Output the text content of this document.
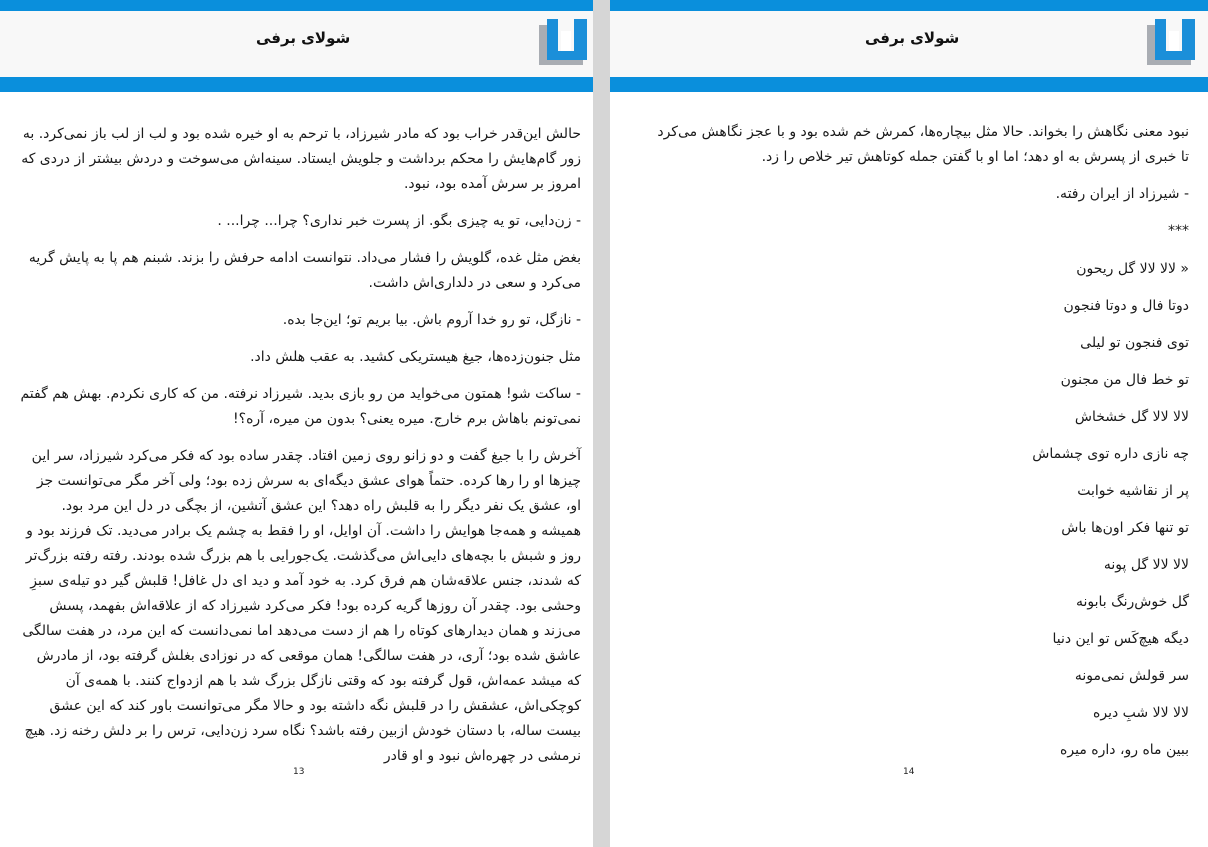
شولای برفی

حالش این‌قدر خراب بود که مادر شیرزاد، با ترحم به او خیره شده بود و لب از لب باز نمی‌کرد. به زور گام‌هایش را محکم برداشت و جلویش ایستاد. سینه‌اش می‌سوخت و دردش بیشتر از دردی که امروز بر سرش آمده بود، نبود.

- زن‌دایی، تو یه چیزی بگو. از پسرت خبر نداری؟ چرا... چرا... .

بغض مثل غده، گلویش را فشار می‌داد. نتوانست ادامه حرفش را بزند. شبنم هم پا به پایش گریه می‌کرد و سعی در دلداری‌اش داشت.

- نازگل، تو رو خدا آروم باش. بیا بریم تو؛ این‌جا بده.

مثل جنون‌زده‌ها، جیغ هیستریکی کشید. به عقب هلش داد.

- ساکت شو! همتون می‌خواید من رو بازی بدید. شیرزاد نرفته. من که کاری نکردم. بهش هم گفتم نمی‌تونم باهاش برم خارج. میره یعنی؟ بدون من میره، آره؟!

آخرش را با جیغ گفت و دو زانو روی زمین افتاد. چقدر ساده بود که فکر می‌کرد شیرزاد، سر این چیزها او را رها کرده. حتماً هوای عشق دیگه‌ای به سرش زده بود؛ ولی آخر مگر می‌توانست جز او، عشق یک نفر دیگر را به قلبش راه دهد؟ این عشق آتشین، از بچگی در دل این مرد بود. همیشه و همه‌جا هوایش را داشت. آن اوایل، او را فقط به چشم یک برادر می‌دید. تک فرزند بود و روز و شبش با بچه‌های دایی‌اش می‌گذشت. یک‌جورایی با هم بزرگ شده بودند. رفته رفته بزرگ‌تر که شدند، جنس علاقه‌شان هم فرق کرد. به خود آمد و دید ای دل غافل! قلبش گیر دو تیله‌ی سبزِ وحشی بود. چقدر آن روزها گریه کرده بود! فکر می‌کرد شیرزاد که از علاقه‌اش بفهمد، پسش می‌زند و همان دیدارهای کوتاه را هم از دست می‌دهد اما نمی‌دانست که این مرد، در هفت سالگی عاشق شده بود؛ آری، در هفت سالگی! همان موقعی که در نوزادی بغلش گرفته بود، از مادرش که میشد عمه‌اش، قول گرفته بود که وقتی نازگل بزرگ شد با هم ازدواج کنند. با همه‌ی آن کوچکی‌اش، عشقش را در قلبش نگه داشته بود و حالا مگر می‌توانست باور کند که این عشق بیست ساله، با دستان خودش ازبین رفته باشد؟ نگاه سرد زن‌دایی، ترس را بر دلش رخنه زد. هیچ نرمشی در چهره‌اش نبود و او قادر

13
شولای برفی

نبود معنی نگاهش را بخواند. حالا مثل بیچاره‌ها، کمرش خم شده بود و با عجز نگاهش می‌کرد تا خبری از پسرش به او دهد؛ اما او با گفتن جمله کوتاهش تیر خلاص را زد.

- شیرزاد از ایران رفته.

***

« لالا لالا گل ریحون

دوتا فال و دوتا فنجون

توی فنجون تو لیلی

تو خط فال من مجنون

لالا لالا گل خشخاش

چه نازی داره توی چشماش

پر از نقاشیه خوابت

تو تنها فکر اون‌ها باش

لالا لالا گل پونه

گل خوش‌رنگ بابونه

دیگه هیچ‌کَس تو این دنیا

سر قولش نمی‌مونه

لالا لالا شبِ دیره

ببین ماه رو، داره میره

14
